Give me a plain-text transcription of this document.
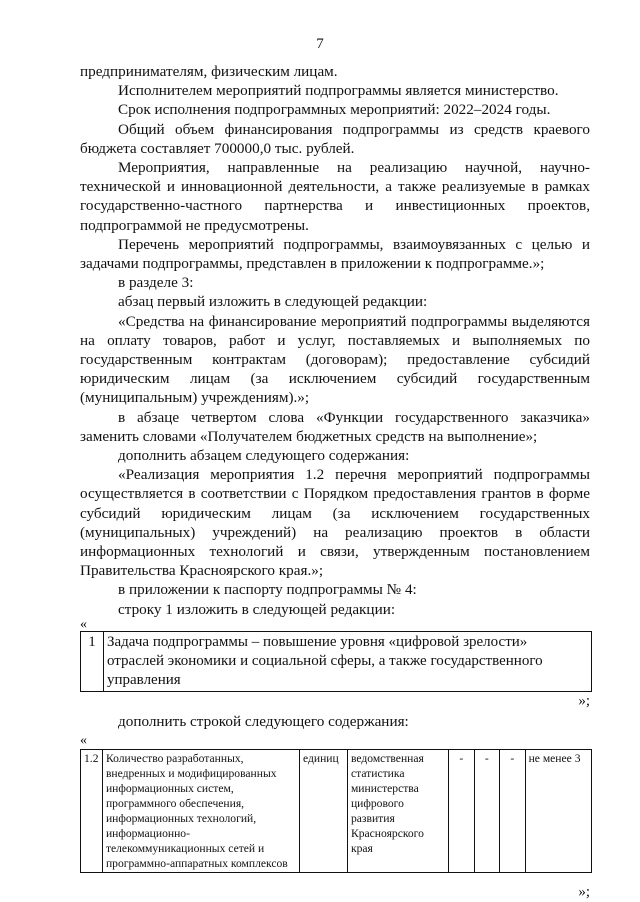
7

предпринимателям, физическим лицам.

Исполнителем мероприятий подпрограммы является министерство.

Срок исполнения подпрограммных мероприятий: 2022–2024 годы.

Общий объем финансирования подпрограммы из средств краевого бюджета составляет 700000,0 тыс. рублей.

Мероприятия, направленные на реализацию научной, научно-технической и инновационной деятельности, а также реализуемые в рамках государственно-частного партнерства и инвестиционных проектов, подпрограммой не предусмотрены.

Перечень мероприятий подпрограммы, взаимоувязанных с целью и задачами подпрограммы, представлен в приложении к подпрограмме.»;

в разделе 3:

абзац первый изложить в следующей редакции:

«Средства на финансирование мероприятий подпрограммы выделяются на оплату товаров, работ и услуг, поставляемых и выполняемых по государственным контрактам (договорам); предоставление субсидий юридическим лицам (за исключением субсидий государственным (муниципальным) учреждениям).»;

в абзаце четвертом слова «Функции государственного заказчика» заменить словами «Получателем бюджетных средств на выполнение»;

дополнить абзацем следующего содержания:

«Реализация мероприятия 1.2 перечня мероприятий подпрограммы осуществляется в соответствии с Порядком предоставления грантов в форме субсидий юридическим лицам (за исключением государственных (муниципальных) учреждений) на реализацию проектов в области информационных технологий и связи, утвержденным постановлением Правительства Красноярского края.»;

в приложении к паспорту подпрограммы № 4:

строку 1 изложить в следующей редакции:

«
1	Задача подпрограммы – повышение уровня «цифровой зрелости» отраслей экономики и социальной сферы, а также государственного управления
»;

дополнить строкой следующего содержания:

«
1.2	Количество разработанных, внедренных и модифицированных информационных систем, программного обеспечения, информационных технологий, информационно-телекоммуникационных сетей и программно-аппаратных комплексов	единиц	ведомственная статистика министерства цифрового развития Красноярского края	-	-	-	не менее 3
»;
